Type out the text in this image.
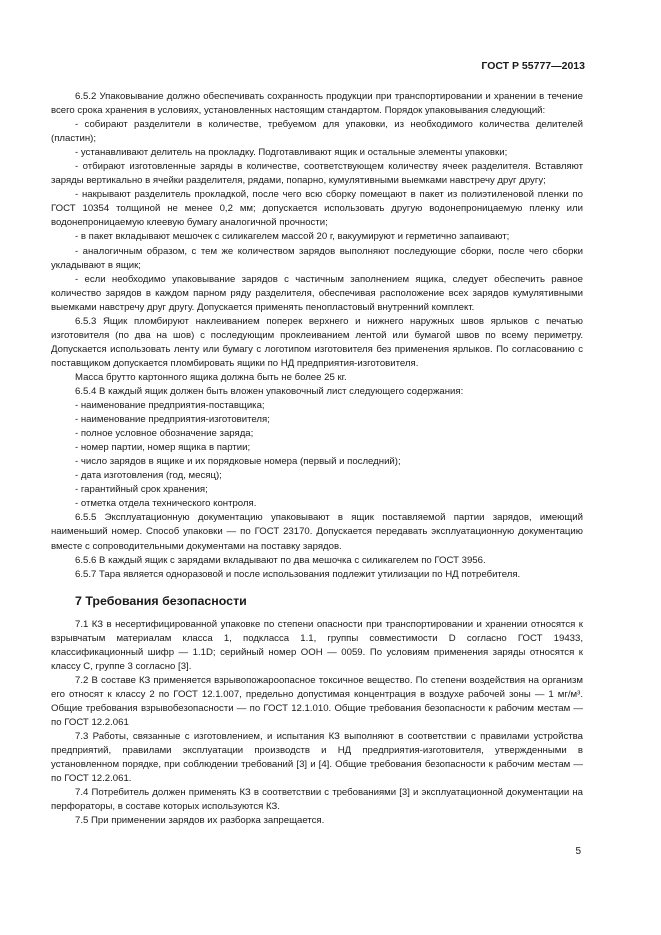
ГОСТ Р 55777—2013

6.5.2 Упаковывание должно обеспечивать сохранность продукции при транспортировании и хранении в течение всего срока хранения в условиях, установленных настоящим стандартом. Порядок упаковывания следующий:

- собирают разделители в количестве, требуемом для упаковки, из необходимого количества делителей (пластин);

- устанавливают делитель на прокладку. Подготавливают ящик и остальные элементы упаковки;

- отбирают изготовленные заряды в количестве, соответствующем количеству ячеек разделителя. Вставляют заряды вертикально в ячейки разделителя, рядами, попарно, кумулятивными выемками навстречу друг другу;

- накрывают разделитель прокладкой, после чего всю сборку помещают в пакет из полиэтиленовой пленки по ГОСТ 10354 толщиной не менее 0,2 мм; допускается использовать другую водонепроницаемую пленку или водонепроницаемую клеевую бумагу аналогичной прочности;

- в пакет вкладывают мешочек с силикагелем массой 20 г, вакуумируют и герметично запаивают;

- аналогичным образом, с тем же количеством зарядов выполняют последующие сборки, после чего сборки укладывают в ящик;

- если необходимо упаковывание зарядов с частичным заполнением ящика, следует обеспечить равное количество зарядов в каждом парном ряду разделителя, обеспечивая расположение всех зарядов кумулятивными выемками навстречу друг другу. Допускается применять пенопластовый внутренний комплект.

6.5.3 Ящик пломбируют наклеиванием поперек верхнего и нижнего наружных швов ярлыков с печатью изготовителя (по два на шов) с последующим проклеиванием лентой или бумагой швов по всему периметру. Допускается использовать ленту или бумагу с логотипом изготовителя без применения ярлыков. По согласованию с поставщиком допускается пломбировать ящики по НД предприятия-изготовителя.

Масса брутто картонного ящика должна быть не более 25 кг.

6.5.4 В каждый ящик должен быть вложен упаковочный лист следующего содержания:

- наименование предприятия-поставщика;

- наименование предприятия-изготовителя;

- полное условное обозначение заряда;

- номер партии, номер ящика в партии;

- число зарядов в ящике и их порядковые номера (первый и последний);

- дата изготовления (год, месяц);

- гарантийный срок хранения;

- отметка отдела технического контроля.

6.5.5 Эксплуатационную документацию упаковывают в ящик поставляемой партии зарядов, имеющий наименьший номер. Способ упаковки — по ГОСТ 23170. Допускается передавать эксплуатационную документацию вместе с сопроводительными документами на поставку зарядов.

6.5.6 В каждый ящик с зарядами вкладывают по два мешочка с силикагелем по ГОСТ 3956.

6.5.7 Тара является одноразовой и после использования подлежит утилизации по НД потребителя.

7 Требования безопасности

7.1 КЗ в несертифицированной упаковке по степени опасности при транспортировании и хранении относятся к взрывчатым материалам класса 1, подкласса 1.1, группы совместимости D согласно ГОСТ 19433, классификационный шифр — 1.1D; серийный номер ООН — 0059. По условиям применения заряды относятся к классу С, группе 3 согласно [3].

7.2 В составе КЗ применяется взрывопожароопасное токсичное вещество. По степени воздействия на организм его относят к классу 2 по ГОСТ 12.1.007, предельно допустимая концентрация в воздухе рабочей зоны — 1 мг/м³. Общие требования взрывобезопасности — по ГОСТ 12.1.010. Общие требования безопасности к рабочим местам — по ГОСТ 12.2.061

7.3 Работы, связанные с изготовлением, и испытания КЗ выполняют в соответствии с правилами устройства предприятий, правилами эксплуатации производств и НД предприятия-изготовителя, утвержденными в установленном порядке, при соблюдении требований [3] и [4]. Общие требования безопасности к рабочим местам — по ГОСТ 12.2.061.

7.4 Потребитель должен применять КЗ в соответствии с требованиями [3] и эксплуатационной документации на перфораторы, в составе которых используются КЗ.

7.5 При применении зарядов их разборка запрещается.

5
